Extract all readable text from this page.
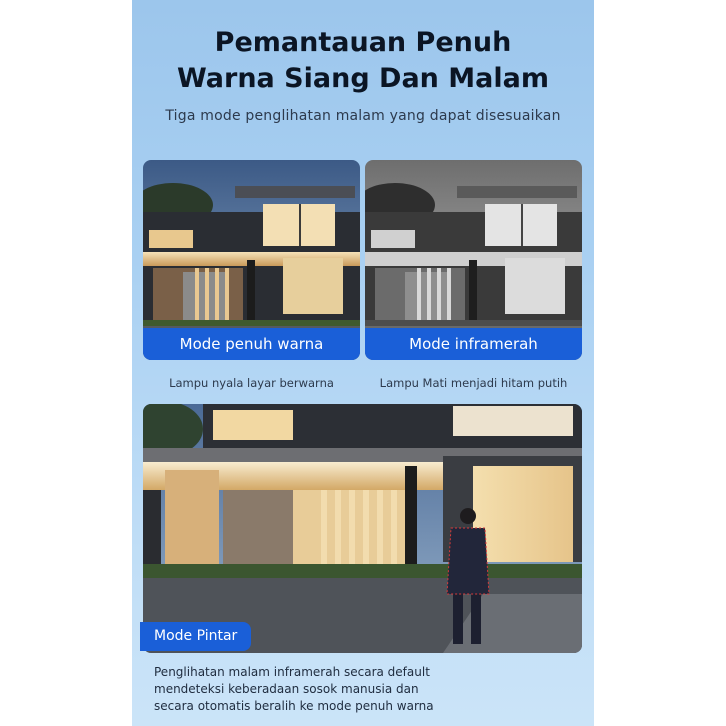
Pemantauan Penuh
Warna Siang Dan Malam
Tiga mode penglihatan malam yang dapat disesuaikan
Mode penuh warna	Mode inframerah
Lampu nyala layar berwarna	Lampu Mati menjadi hitam putih
Mode Pintar
Penglihatan malam inframerah secara default
mendeteksi keberadaan sosok manusia dan
secara otomatis beralih ke mode penuh warna
